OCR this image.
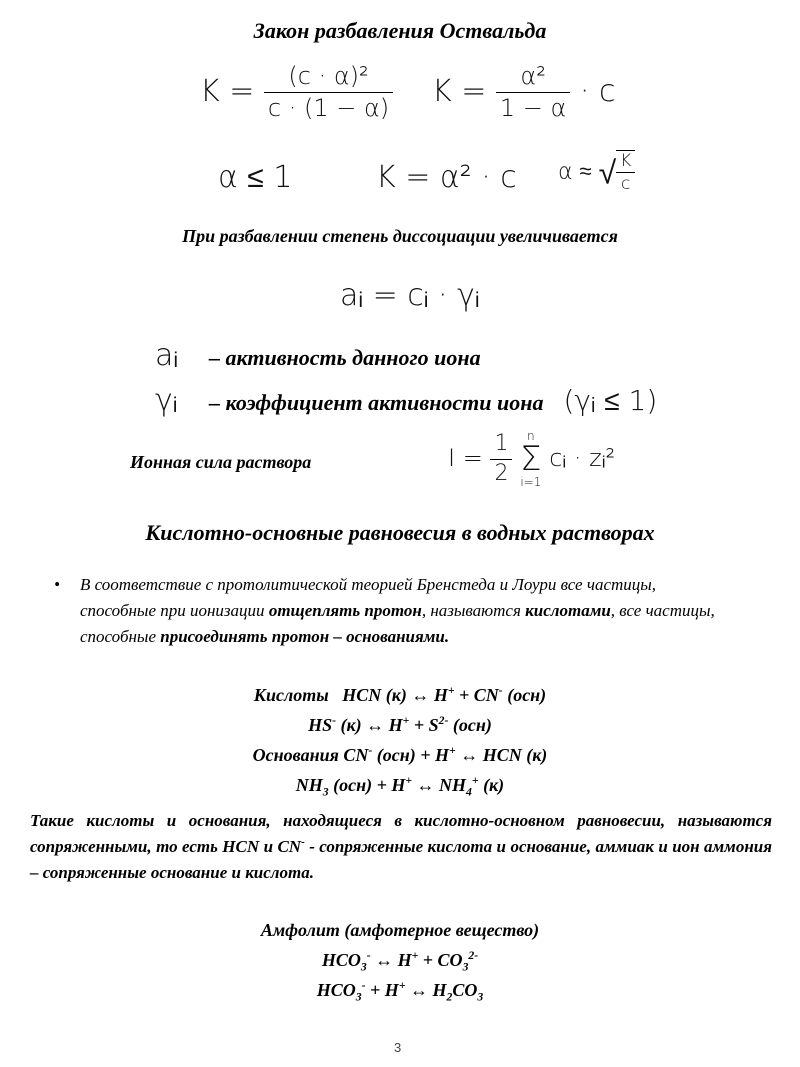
Закон разбавления Оствальда
$K = \frac{\text{(c · α)²}}{c \cdot (1 - \alpha)}$ $K = \frac{\text{α²}}{1 - \alpha} \cdot c$
α ≤ 1	K = α² · c α ≈ √ $\frac{K}{c}$
При разбавлении степень диссоциации увеличивается
aᵢ = cᵢ · γᵢ
aᵢ – активность данного иона
γᵢ – коэффициент активности иона (γᵢ ≤ 1)
Ионная сила раствора	$I = \frac{1}{2}$
	n
Σ
i=1
cᵢ · zᵢ²
Кислотно-основные равновесия в водных растворах
•	В соответствие с протолитической теорией Бренстеда и Лоури все частицы, способные при ионизации отщеплять протон, называются кислотами, все частицы, способные присоединять протон – основаниями.
Кислоты HCN (к) ↔ H+ + CN- (осн)
HS- (к) ↔ $H^+ + S^{2-}$ (осн)
Основания CN- (осн) + H+ ↔ HCN (к)
$NH_3$ (осн) + H+ ↔ $NH_4^+$ (к)
Такие кислоты и основания, находящиеся в кислотно-основном равновесии, называются сопряженными, то есть HCN и CN- - сопряженные кислота и основание, аммиак и ион аммония – сопряженные основание и кислота.
Амфолит (амфотерное вещество)
$HCO_3^-$ ↔ $H^+ + CO_3^{2-}$
$HCO_3^- + H^+$ ↔ $H_2CO_3$
3
